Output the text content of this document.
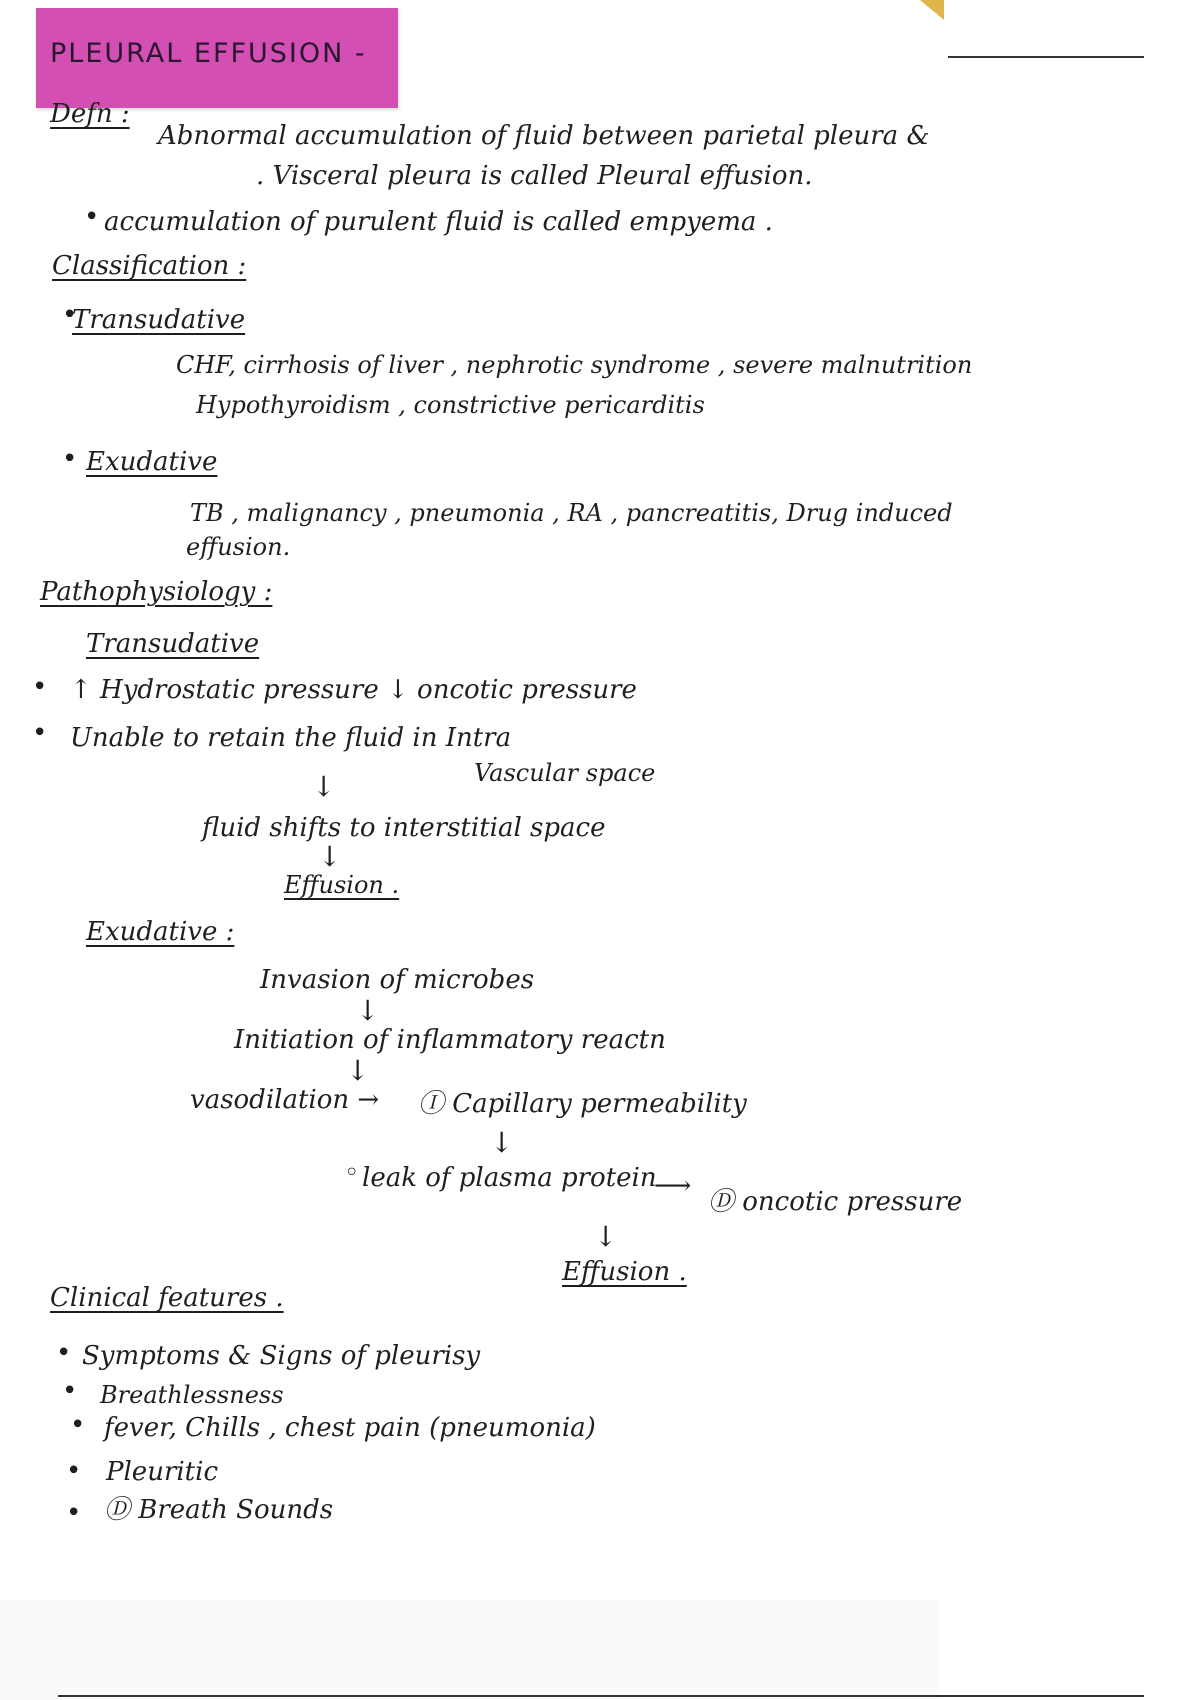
PLEURAL EFFUSION -
Defn :
Abnormal accumulation of fluid between parietal pleura &
. Visceral pleura is called Pleural effusion.
• accumulation of purulent fluid is called empyema .
Classification :
•
Transudative
CHF, cirrhosis of liver , nephrotic syndrome , severe malnutrition
Hypothyroidism , constrictive pericarditis
• Exudative
TB , malignancy , pneumonia , RA , pancreatitis, Drug induced
effusion.
Pathophysiology :
Transudative
• ↑ Hydrostatic pressure ↓ oncotic pressure
• Unable to retain the fluid in Intra
Vascular space
↓
fluid shifts to interstitial space
↓
Effusion .
Exudative :
Invasion of microbes
↓
Initiation of inflammatory reactn
↓
vasodilation → Ⓘ Capillary permeability
↓
◦ leak of plasma protein
⟶
Ⓓ oncotic pressure
↓
Effusion .
Clinical features .
• Symptoms & Signs of pleurisy
• Breathlessness
• fever, Chills , chest pain (pneumonia)
• Pleuritic
• Ⓓ Breath Sounds
